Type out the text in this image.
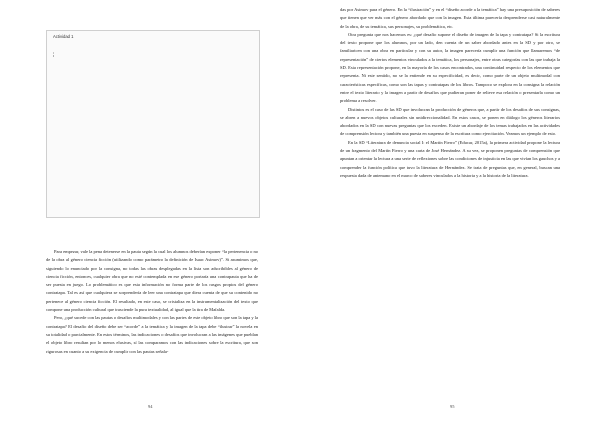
Actividad 1

Para empezar, vale la pena detenerse en la pauta según la cual los alumnos deberían exponer “la pertenencia o no de la obra al género ciencia ficción (utilizando como parámetro la definición de Isaac Asimov)”. Si asumimos que, siguiendo lo enunciado por la consigna, no todas las obras desplegadas en la lista son adscribibles al género de ciencia ficción, entonces, cualquier obra que no esté contemplada en ese género portaría una contrapauta que ha de ser puesta en juego. Lo problemático es que esta información no forma parte de los rasgos propios del género contratapa. Tal es así que cualquiera se sorprendería de leer una contratapa que diera cuenta de que su contenido no pertenece al género ciencia ficción. El resultado, en este caso, se cristaliza en la instrumentalización del texto que compone una producción cultural que trasciende la pura textualidad, al igual que la tira de Mafalda.

Pero, ¿qué sucede con las pautas o desafíos multimodales y con las partes de este objeto libro que son la tapa y la contratapa? El desafío del diseño debe ser “acorde” a la temática y la imagen de la tapa debe “ilustrar” la novela en su totalidad o parcialmente. En estos términos, las indicaciones o desafíos que involucran a las imágenes que pueblan el objeto libro resultan por lo menos elusivas, sí las comparamos con las indicaciones sobre la escritura, que son rigurosas en cuanto a su exigencia de cumplir con las pautas señala-

94

das por Asimov para el género. En la “ilustración” y en el “diseño acorde a la temática” hay una presuposición de saberes que tienen que ver más con el género abordado que con la imagen. Esta última parecería desprenderse casi naturalmente de la obra, de su temática, sus personajes, su problemática, etc.

Otra pregunta que nos hacemos es: ¿qué desafío supone el diseño de imagen de la tapa y contratapa? Si la escritura del texto propone que los alumnos, por un lado, den cuenta de un saber abordado antes en la SD y por otro, se familiaricen con una obra en particular y con su autor, la imagen parecería cumplir una función que llamaremos “de representación” de ciertos elementos vinculados a la temática, los personajes, entre otras categorías con las que trabaja la SD. Esta representación propone, en la mayoría de los casos encontrados, una continuidad respecto de los elementos que representa. Ni este sentido, no se la entiende en su especificidad, es decir, como parte de un objeto multimodal con características específicas, como son las tapas y contratapas de los libros. Tampoco se explora en la consigna la relación entre el texto literario y la imagen a partir de desafíos que pudieran poner de relieve esa relación o presentarla como un problema a resolver.

Distintos es el caso de las SD que involucran la producción de géneros que, a partir de los desafíos de sus consignas, se abren a nuevos objetos culturales sin unidireccionalidad. En estos casos, se ponen en diálogo los géneros literarios abordados en la SD con nuevas preguntas que los exceden. Existe un abordaje de los temas trabajados en las actividades de comprensión lectora y también una puesta en suspenso de la escritura como ejercitación. Veamos un ejemplo de esto.

En la SD “Literatura de denuncia social I: el Martín Fierro” (Educar, 2015a), la primera actividad propone la lectura de un fragmento del Martín Fierro y una carta de José Hernández. A su vez, se proponen preguntas de comprensión que apuntan a orientar la lectura a una serie de reflexiones sobre las condiciones de injusticia en las que vivían los gauchos y a comprender la función política que tuvo la literatura de Hernández. Se trata de preguntas que, en general, buscan una respuesta dada de antemano en el marco de saberes vinculados a la historia y a la historia de la literatura.

95
